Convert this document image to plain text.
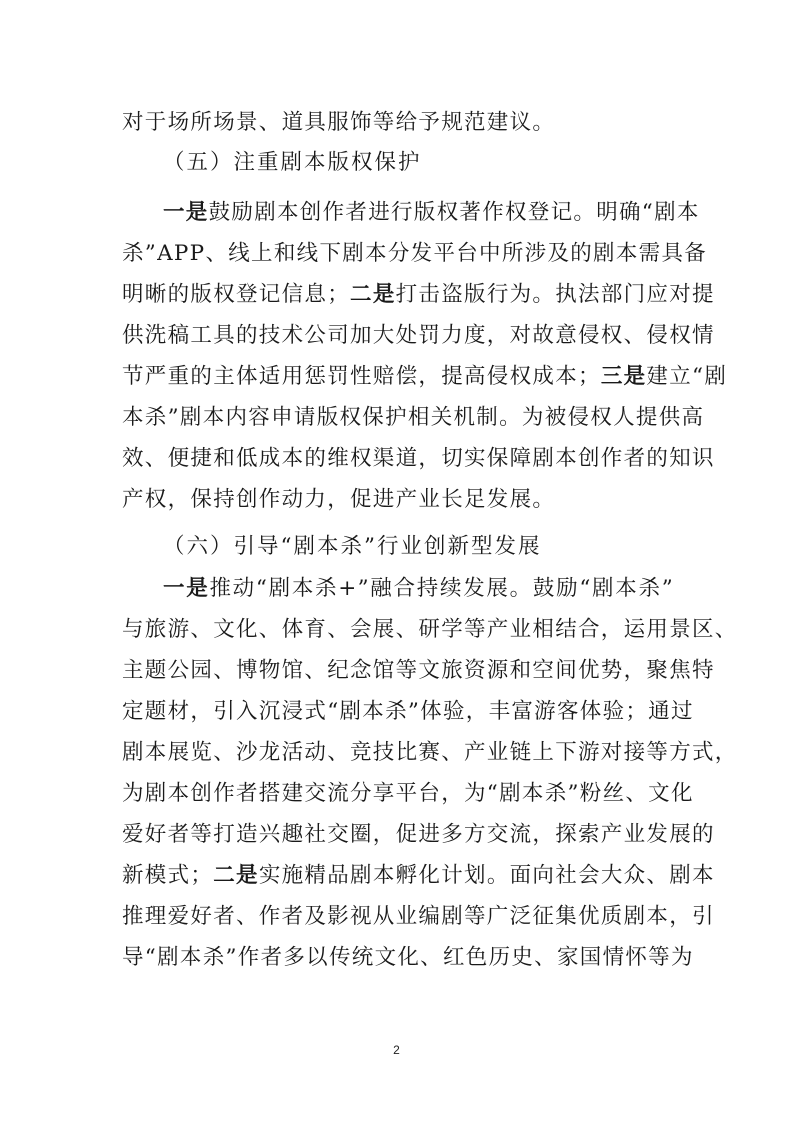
对于场所场景、道具服饰等给予规范建议。
（五）注重剧本版权保护
一是鼓励剧本创作者进行版权著作权登记。明确“剧本
杀”APP、线上和线下剧本分发平台中所涉及的剧本需具备
明晰的版权登记信息；二是打击盗版行为。执法部门应对提
供洗稿工具的技术公司加大处罚力度，对故意侵权、侵权情
节严重的主体适用惩罚性赔偿，提高侵权成本；三是建立“剧
本杀”剧本内容申请版权保护相关机制。为被侵权人提供高
效、便捷和低成本的维权渠道，切实保障剧本创作者的知识
产权，保持创作动力，促进产业长足发展。
（六）引导“剧本杀”行业创新型发展
一是推动“剧本杀+”融合持续发展。鼓励“剧本杀”
与旅游、文化、体育、会展、研学等产业相结合，运用景区、
主题公园、博物馆、纪念馆等文旅资源和空间优势，聚焦特
定题材，引入沉浸式“剧本杀”体验，丰富游客体验；通过
剧本展览、沙龙活动、竞技比赛、产业链上下游对接等方式，
为剧本创作者搭建交流分享平台，为“剧本杀”粉丝、文化
爱好者等打造兴趣社交圈，促进多方交流，探索产业发展的
新模式；二是实施精品剧本孵化计划。面向社会大众、剧本
推理爱好者、作者及影视从业编剧等广泛征集优质剧本，引
导“剧本杀”作者多以传统文化、红色历史、家国情怀等为
2
